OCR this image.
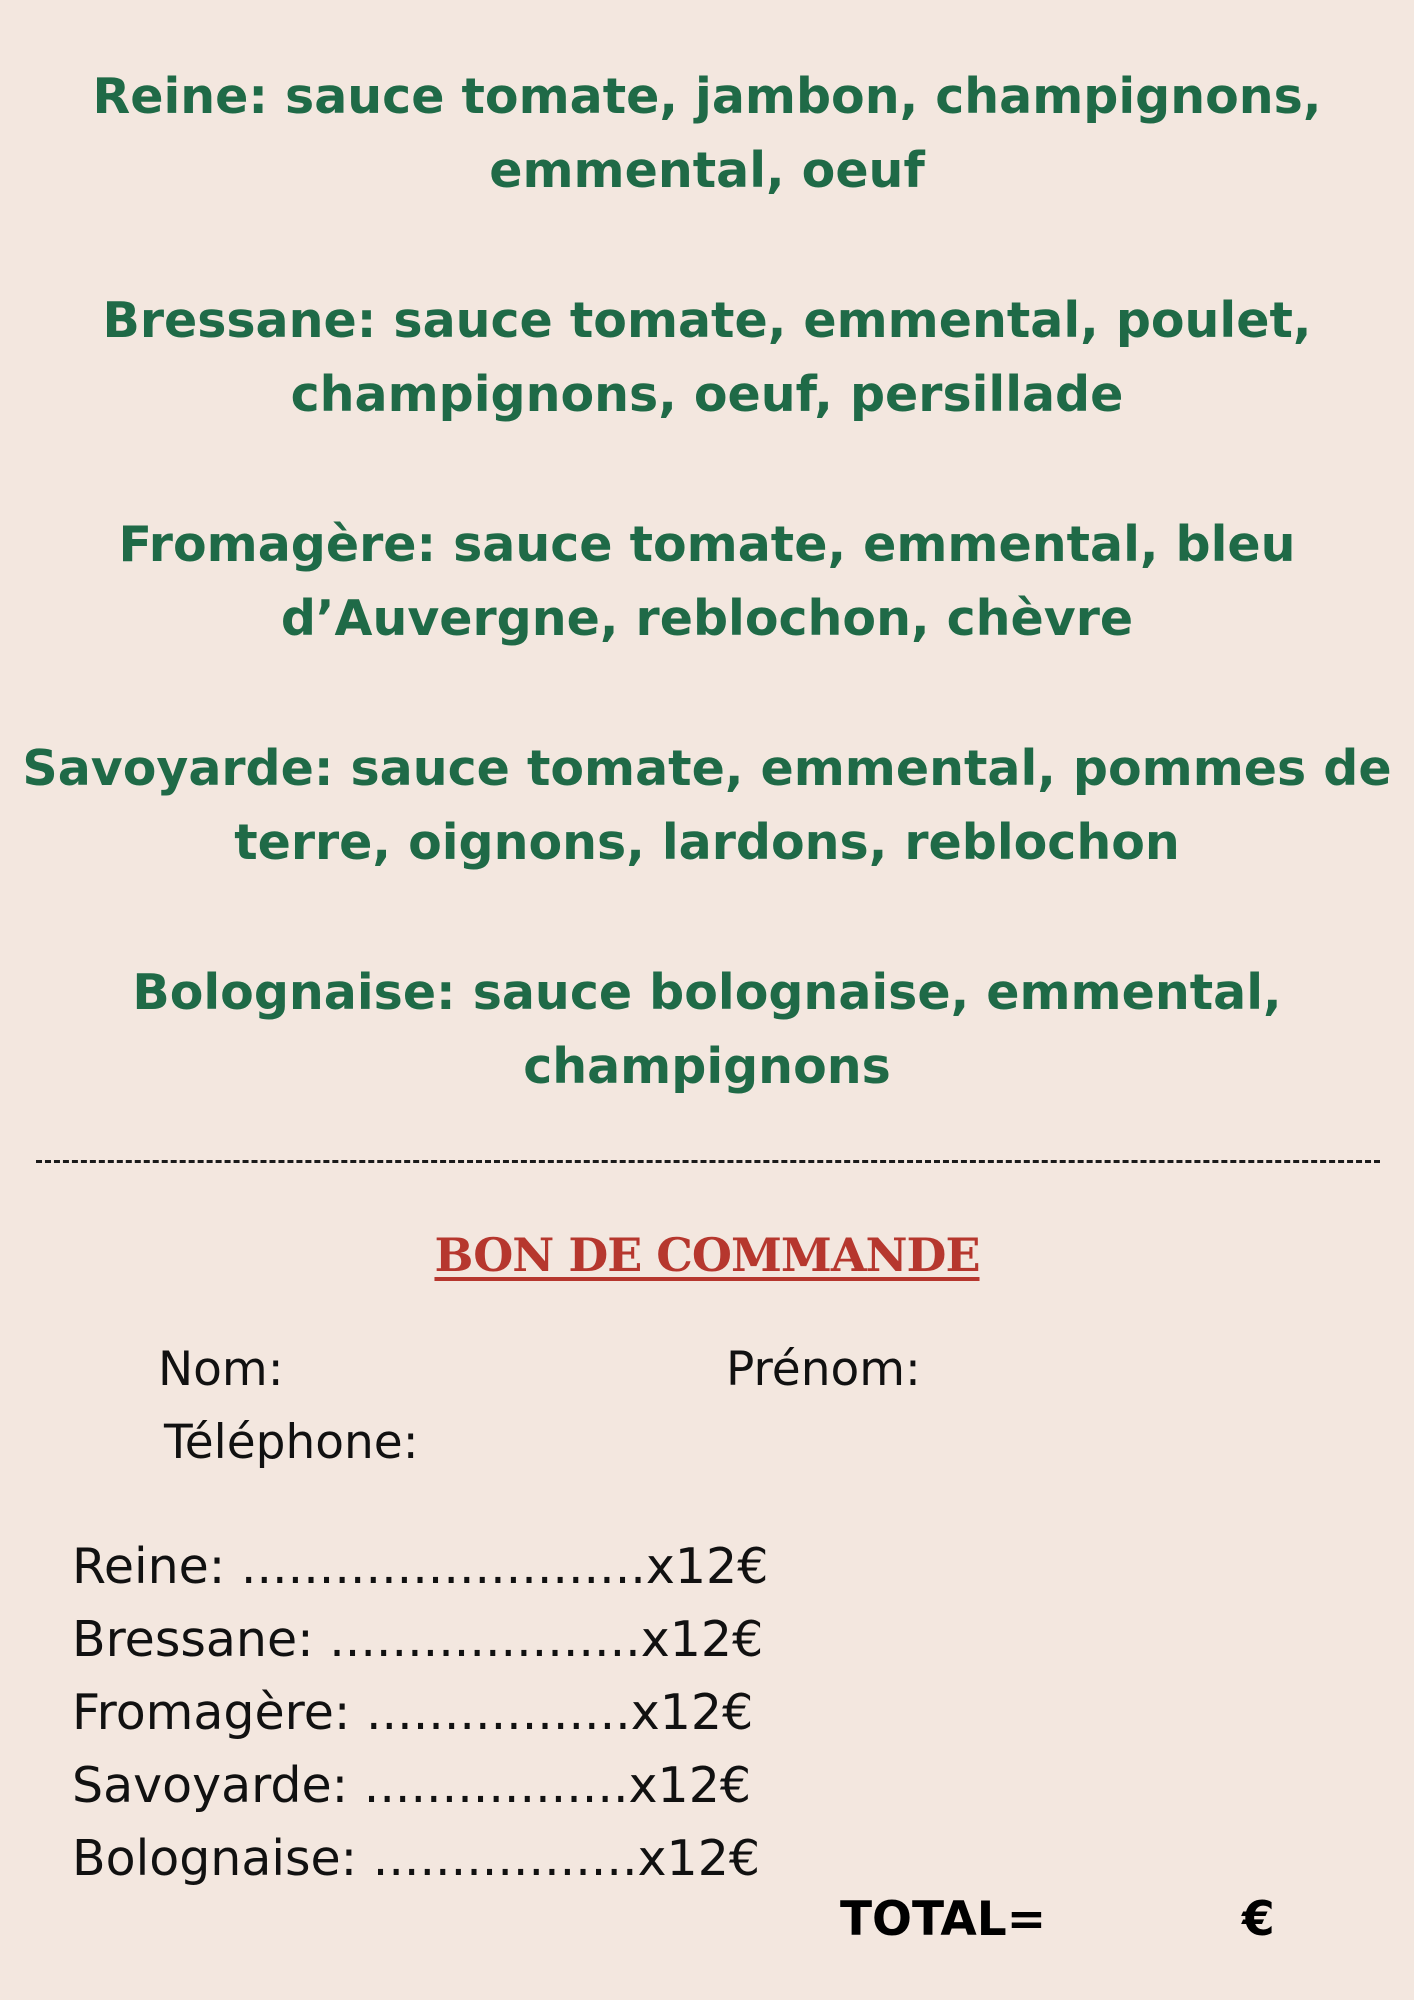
Reine: sauce tomate, jambon, champignons,
emmental, oeuf
Bressane: sauce tomate, emmental, poulet,
champignons, oeuf, persillade
Fromagère: sauce tomate, emmental, bleu
d’Auvergne, reblochon, chèvre
Savoyarde: sauce tomate, emmental, pommes de
terre, oignons, lardons, reblochon
Bolognaise: sauce bolognaise, emmental,
champignons
BON DE COMMANDE
Nom:	Prénom:
Téléphone:
Reine: ..........................x12€
Bressane: ....................x12€
Fromagère: .................x12€
Savoyarde: .................x12€
Bolognaise: .................x12€
TOTAL=	€
